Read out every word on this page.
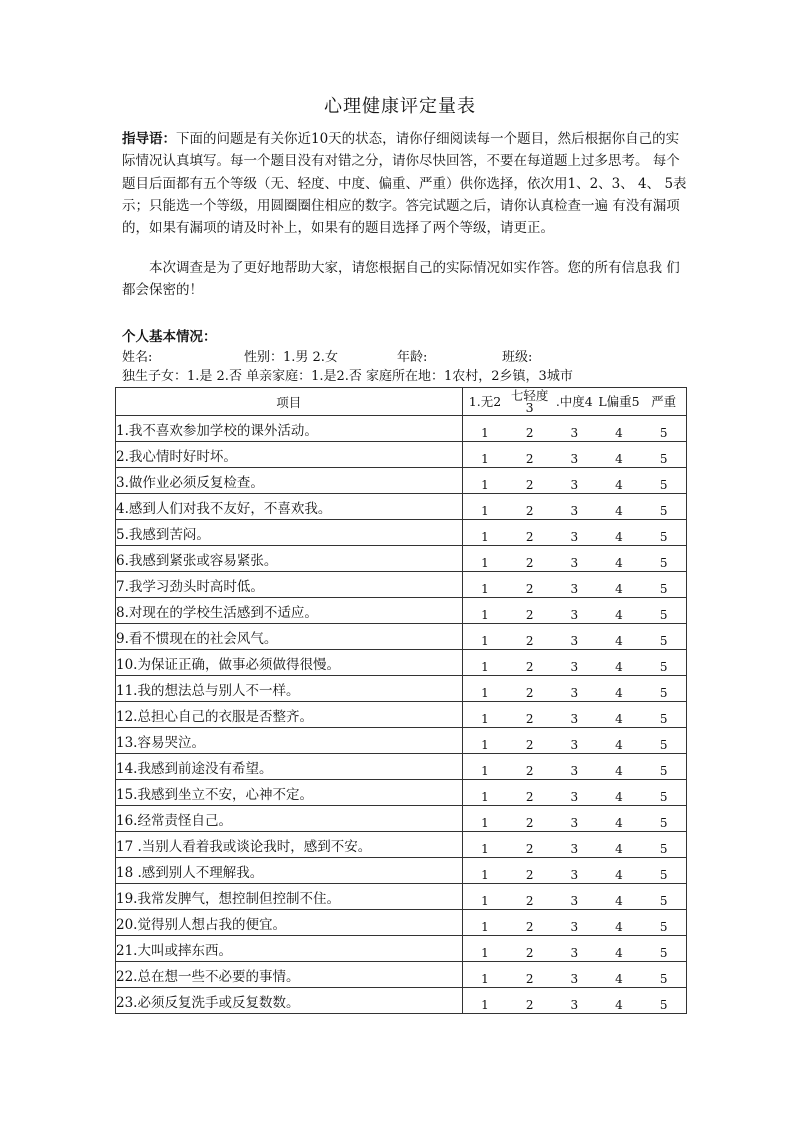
心理健康评定量表
指导语：下面的问题是有关你近10天的状态，请你仔细阅读每一个题目，然后根据你自己的实际情况认真填写。每一个题目没有对错之分，请你尽快回答，不要在每道题上过多思考。 每个题目后面都有五个等级（无、轻度、中度、偏重、严重）供你选择，依次用1、2、3、 4、 5表示；只能选一个等级，用圆圈圈住相应的数字。答完试题之后，请你认真检查一遍 有没有漏项的，如果有漏项的请及时补上，如果有的题目选择了两个等级，请更正。
本次调查是为了更好地帮助大家，请您根据自己的实际情况如实作答。您的所有信息我 们都会保密的！
个人基本情况：
姓名:	性别：1.男 2.女	年龄:	班级:
独生子女：1.是 2.否 单亲家庭：1.是2.否 家庭所在地：1农村，2乡镇，3城市
项目	1.无2 七轻度3 .中度4 L偏重5 严重

1.我不喜欢参加学校的课外活动。	1 2 3 4 5

2.我心情时好时坏。	1 2 3 4 5

3.做作业必须反复检查。	1 2 3 4 5

4.感到人们对我不友好，不喜欢我。	1 2 3 4 5

5.我感到苦闷。	1 2 3 4 5

6.我感到紧张或容易紧张。	1 2 3 4 5

7.我学习劲头时高时低。	1 2 3 4 5

8.对现在的学校生活感到不适应。	1 2 3 4 5

9.看不惯现在的社会风气。	1 2 3 4 5

10.为保证正确，做事必须做得很慢。	1 2 3 4 5

11.我的想法总与别人不一样。	1 2 3 4 5

12.总担心自己的衣服是否整齐。	1 2 3 4 5

13.容易哭泣。	1 2 3 4 5

14.我感到前途没有希望。	1 2 3 4 5

15.我感到坐立不安，心神不定。	1 2 3 4 5

16.经常责怪自己。	1 2 3 4 5

17 .当别人看着我或谈论我时，感到不安。	1 2 3 4 5

18 .感到别人不理解我。	1 2 3 4 5

19.我常发脾气，想控制但控制不住。	1 2 3 4 5

20.觉得别人想占我的便宜。	1 2 3 4 5

21.大叫或摔东西。	1 2 3 4 5

22.总在想一些不必要的事情。	1 2 3 4 5

23.必须反复洗手或反复数数。	1 2 3 4 5
